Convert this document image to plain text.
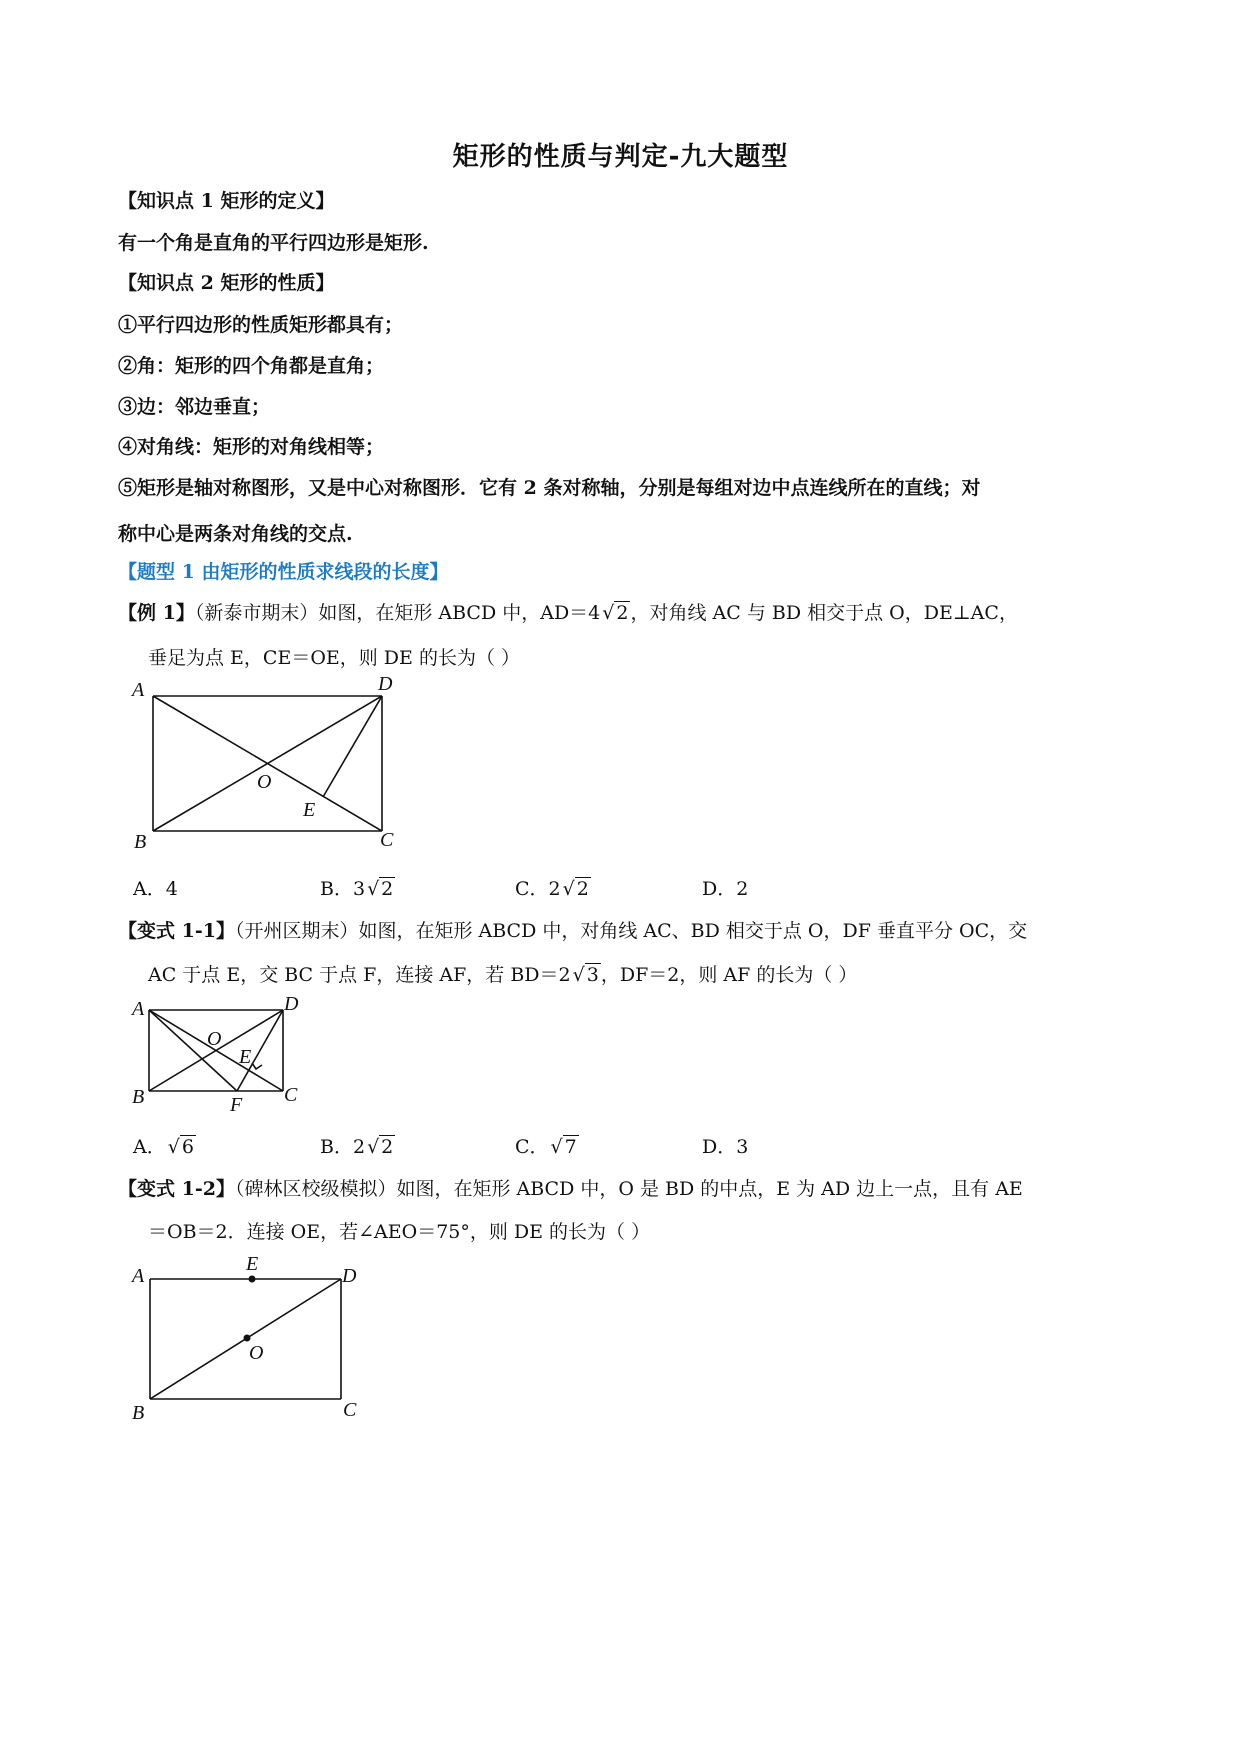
矩形的性质与判定-九大题型
【知识点 1 矩形的定义】
有一个角是直角的平行四边形是矩形.
【知识点 2 矩形的性质】
①平行四边形的性质矩形都具有；
②角：矩形的四个角都是直角；
③边：邻边垂直；
④对角线：矩形的对角线相等；
⑤矩形是轴对称图形，又是中心对称图形．它有 2 条对称轴，分别是每组对边中点连线所在的直线；对
称中心是两条对角线的交点.
【题型 1 由矩形的性质求线段的长度】
【例 1】（新泰市期末）如图，在矩形 ABCD 中，AD＝4 √ 2 ，对角线 AC 与 BD 相交于点 O，DE⊥AC，
垂足为点 E，CE＝OE，则 DE 的长为（ ）
A	D
O
E
B	C
A．4	B．3 √ 2	C．2 √ 2	D．2
【变式 1-1】（开州区期末）如图，在矩形 ABCD 中，对角线 AC、BD 相交于点 O，DF 垂直平分 OC，交
AC 于点 E，交 BC 于点 F，连接 AF，若 BD＝2 √ 3 ，DF＝2，则 AF 的长为（ ）
A	D
O
E
B	F C
A． √ 6	B．2 √ 2	C． √ 7	D．3
【变式 1-2】（碑林区校级模拟）如图，在矩形 ABCD 中，O 是 BD 的中点，E 为 AD 边上一点，且有 AE
＝OB＝2．连接 OE，若∠AEO＝75°，则 DE 的长为（ ）
A
E
D
O
B	C
